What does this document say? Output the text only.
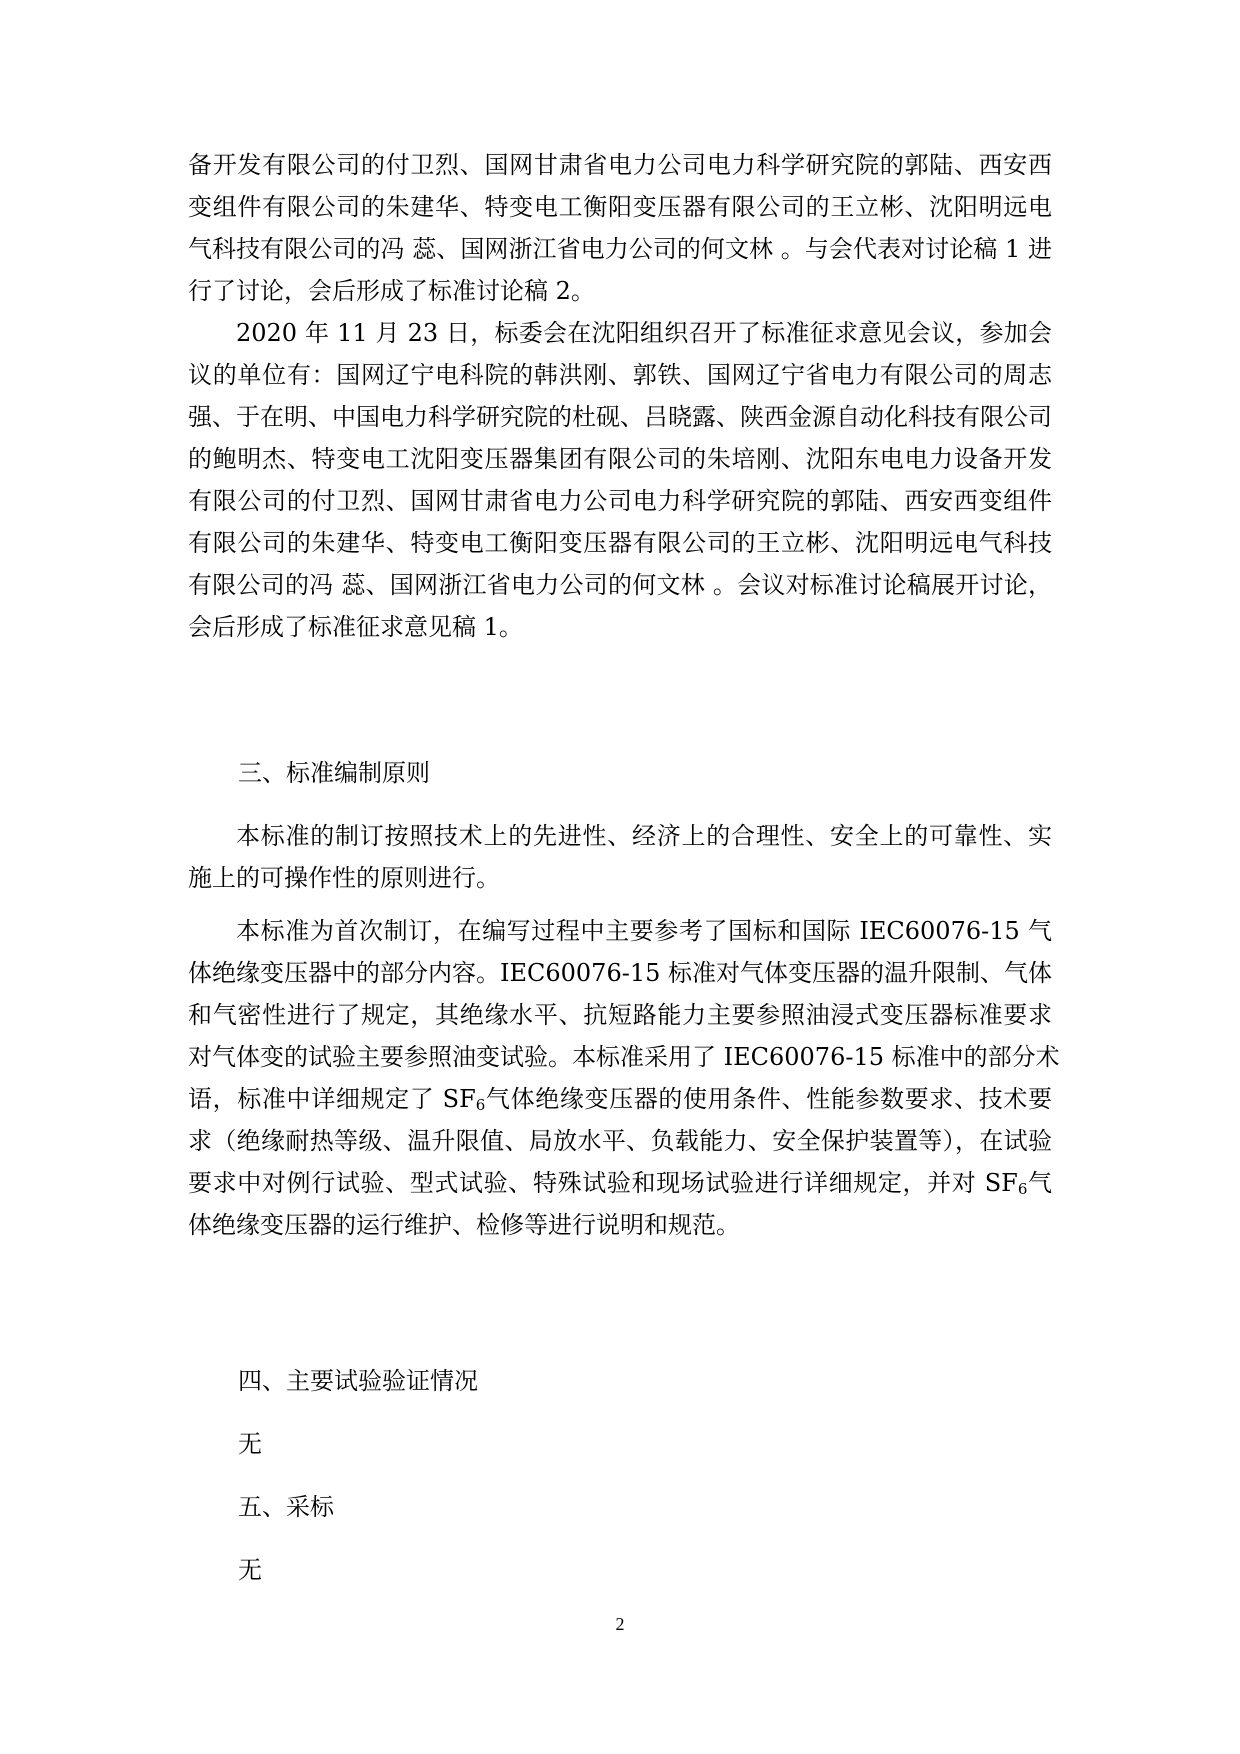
备开发有限公司的付卫烈、国网甘肃省电力公司电力科学研究院的郭陆、西安西
变组件有限公司的朱建华、特变电工衡阳变压器有限公司的王立彬、沈阳明远电
气科技有限公司的冯 蕊、国网浙江省电力公司的何文林 。与会代表对讨论稿 1 进
行了讨论，会后形成了标准讨论稿 2。
2020 年 11 月 23 日，标委会在沈阳组织召开了标准征求意见会议，参加会
议的单位有：国网辽宁电科院的韩洪刚、郭铁、国网辽宁省电力有限公司的周志
强、于在明、中国电力科学研究院的杜砚、吕晓露、陕西金源自动化科技有限公司
的鲍明杰、特变电工沈阳变压器集团有限公司的朱培刚、沈阳东电电力设备开发
有限公司的付卫烈、国网甘肃省电力公司电力科学研究院的郭陆、西安西变组件
有限公司的朱建华、特变电工衡阳变压器有限公司的王立彬、沈阳明远电气科技
有限公司的冯 蕊、国网浙江省电力公司的何文林 。会议对标准讨论稿展开讨论，
会后形成了标准征求意见稿 1。
三、标准编制原则
本标准的制订按照技术上的先进性、经济上的合理性、安全上的可靠性、实
施上的可操作性的原则进行。
本标准为首次制订，在编写过程中主要参考了国标和国际 IEC60076-15 气
体绝缘变压器中的部分内容。IEC60076-15 标准对气体变压器的温升限制、气体
和气密性进行了规定，其绝缘水平、抗短路能力主要参照油浸式变压器标准要求
对气体变的试验主要参照油变试验。本标准采用了 IEC60076-15 标准中的部分术
语，标准中详细规定了 $SF_6$气体绝缘变压器的使用条件、性能参数要求、技术要
求（绝缘耐热等级、温升限值、局放水平、负载能力、安全保护装置等），在试验
要求中对例行试验、型式试验、特殊试验和现场试验进行详细规定，并对 $SF_6$气
体绝缘变压器的运行维护、检修等进行说明和规范。
四、主要试验验证情况
无
五、采标
无
2
